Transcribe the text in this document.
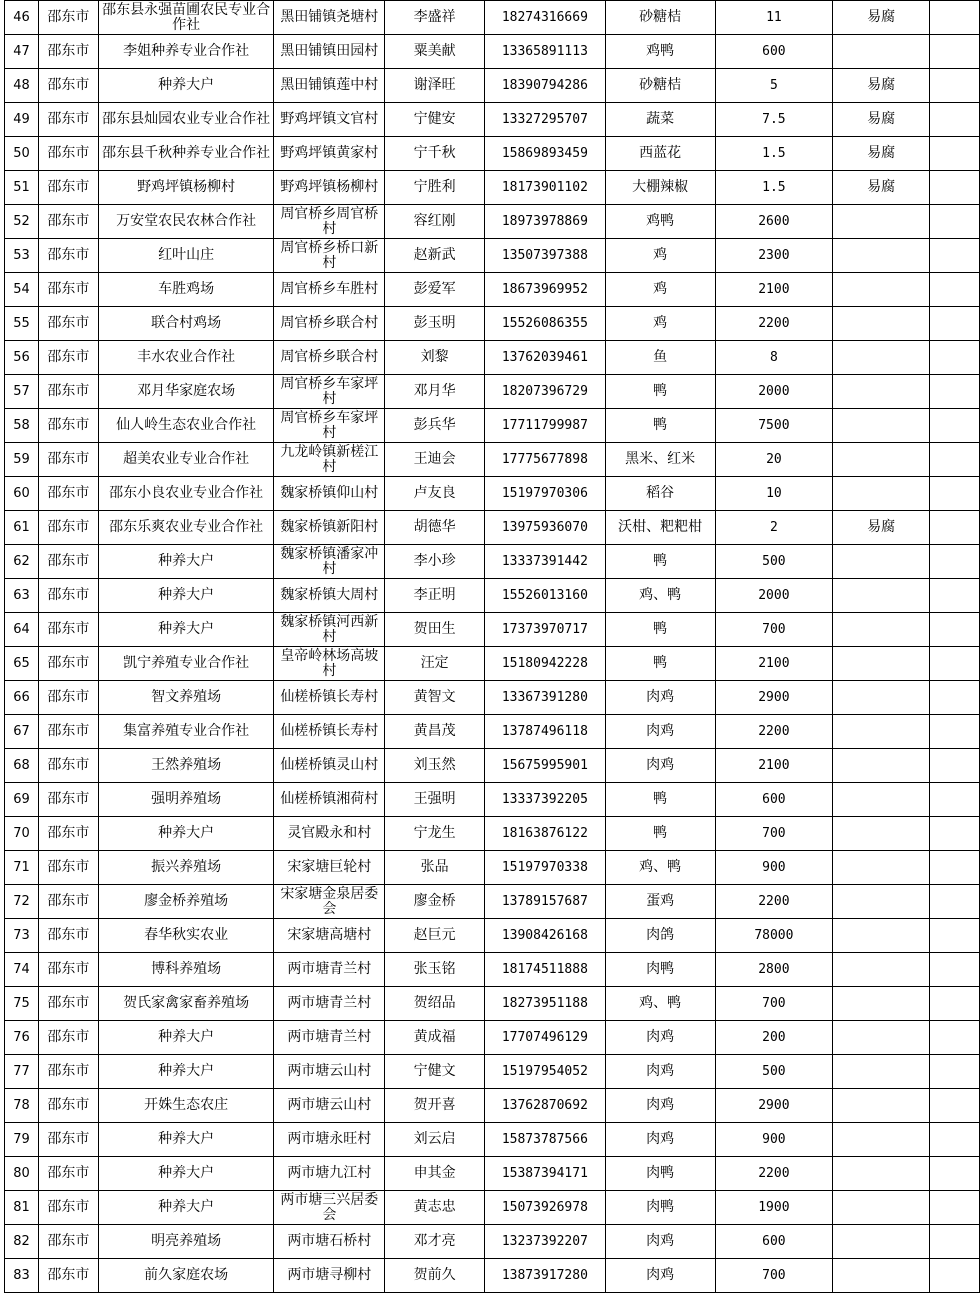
46	邵东市	邵东县永强苗圃农民专业合作社	黑田铺镇尧塘村	李盛祥	18274316669	砂糖桔	11	易腐	
47	邵东市	李姐种养专业合作社	黑田铺镇田园村	粟美献	13365891113	鸡鸭	600		
48	邵东市	种养大户	黑田铺镇莲中村	谢泽旺	18390794286	砂糖桔	5	易腐	
49	邵东市	邵东县灿园农业专业合作社	野鸡坪镇文官村	宁健安	13327295707	蔬菜	7.5	易腐	
50	邵东市	邵东县千秋种养专业合作社	野鸡坪镇黄家村	宁千秋	15869893459	西蓝花	1.5	易腐	
51	邵东市	野鸡坪镇杨柳村	野鸡坪镇杨柳村	宁胜利	18173901102	大棚辣椒	1.5	易腐	
52	邵东市	万安堂农民农林合作社	周官桥乡周官桥村	容红刚	18973978869	鸡鸭	2600		
53	邵东市	红叶山庄	周官桥乡桥口新村	赵新武	13507397388	鸡	2300		
54	邵东市	车胜鸡场	周官桥乡车胜村	彭爱军	18673969952	鸡	2100		
55	邵东市	联合村鸡场	周官桥乡联合村	彭玉明	15526086355	鸡	2200		
56	邵东市	丰水农业合作社	周官桥乡联合村	刘黎	13762039461	鱼	8		
57	邵东市	邓月华家庭农场	周官桥乡车家坪村	邓月华	18207396729	鸭	2000		
58	邵东市	仙人岭生态农业合作社	周官桥乡车家坪村	彭兵华	17711799987	鸭	7500		
59	邵东市	超美农业专业合作社	九龙岭镇新槎江村	王迪会	17775677898	黑米、红米	20		
60	邵东市	邵东小良农业专业合作社	魏家桥镇仰山村	卢友良	15197970306	稻谷	10		
61	邵东市	邵东乐爽农业专业合作社	魏家桥镇新阳村	胡德华	13975936070	沃柑、粑粑柑	2	易腐	
62	邵东市	种养大户	魏家桥镇潘家冲村	李小珍	13337391442	鸭	500		
63	邵东市	种养大户	魏家桥镇大周村	李正明	15526013160	鸡、鸭	2000		
64	邵东市	种养大户	魏家桥镇河西新村	贺田生	17373970717	鸭	700		
65	邵东市	凯宁养殖专业合作社	皇帝岭林场高坡村	汪定	15180942228	鸭	2100		
66	邵东市	智文养殖场	仙槎桥镇长寿村	黄智文	13367391280	肉鸡	2900		
67	邵东市	集富养殖专业合作社	仙槎桥镇长寿村	黄昌茂	13787496118	肉鸡	2200		
68	邵东市	王然养殖场	仙槎桥镇灵山村	刘玉然	15675995901	肉鸡	2100		
69	邵东市	强明养殖场	仙槎桥镇湘荷村	王强明	13337392205	鸭	600		
70	邵东市	种养大户	灵官殿永和村	宁龙生	18163876122	鸭	700		
71	邵东市	振兴养殖场	宋家塘巨轮村	张品	15197970338	鸡、鸭	900		
72	邵东市	廖金桥养殖场	宋家塘金泉居委会	廖金桥	13789157687	蛋鸡	2200		
73	邵东市	春华秋实农业	宋家塘高塘村	赵巨元	13908426168	肉鸽	78000		
74	邵东市	博科养殖场	两市塘青兰村	张玉铭	18174511888	肉鸭	2800		
75	邵东市	贺氏家禽家畜养殖场	两市塘青兰村	贺绍品	18273951188	鸡、鸭	700		
76	邵东市	种养大户	两市塘青兰村	黄成福	17707496129	肉鸡	200		
77	邵东市	种养大户	两市塘云山村	宁健文	15197954052	肉鸡	500		
78	邵东市	开姝生态农庄	两市塘云山村	贺开喜	13762870692	肉鸡	2900		
79	邵东市	种养大户	两市塘永旺村	刘云启	15873787566	肉鸡	900		
80	邵东市	种养大户	两市塘九江村	申其金	15387394171	肉鸭	2200		
81	邵东市	种养大户	两市塘三兴居委会	黄志忠	15073926978	肉鸭	1900		
82	邵东市	明亮养殖场	两市塘石桥村	邓才亮	13237392207	肉鸡	600		
83	邵东市	前久家庭农场	两市塘寻柳村	贺前久	13873917280	肉鸡	700		
